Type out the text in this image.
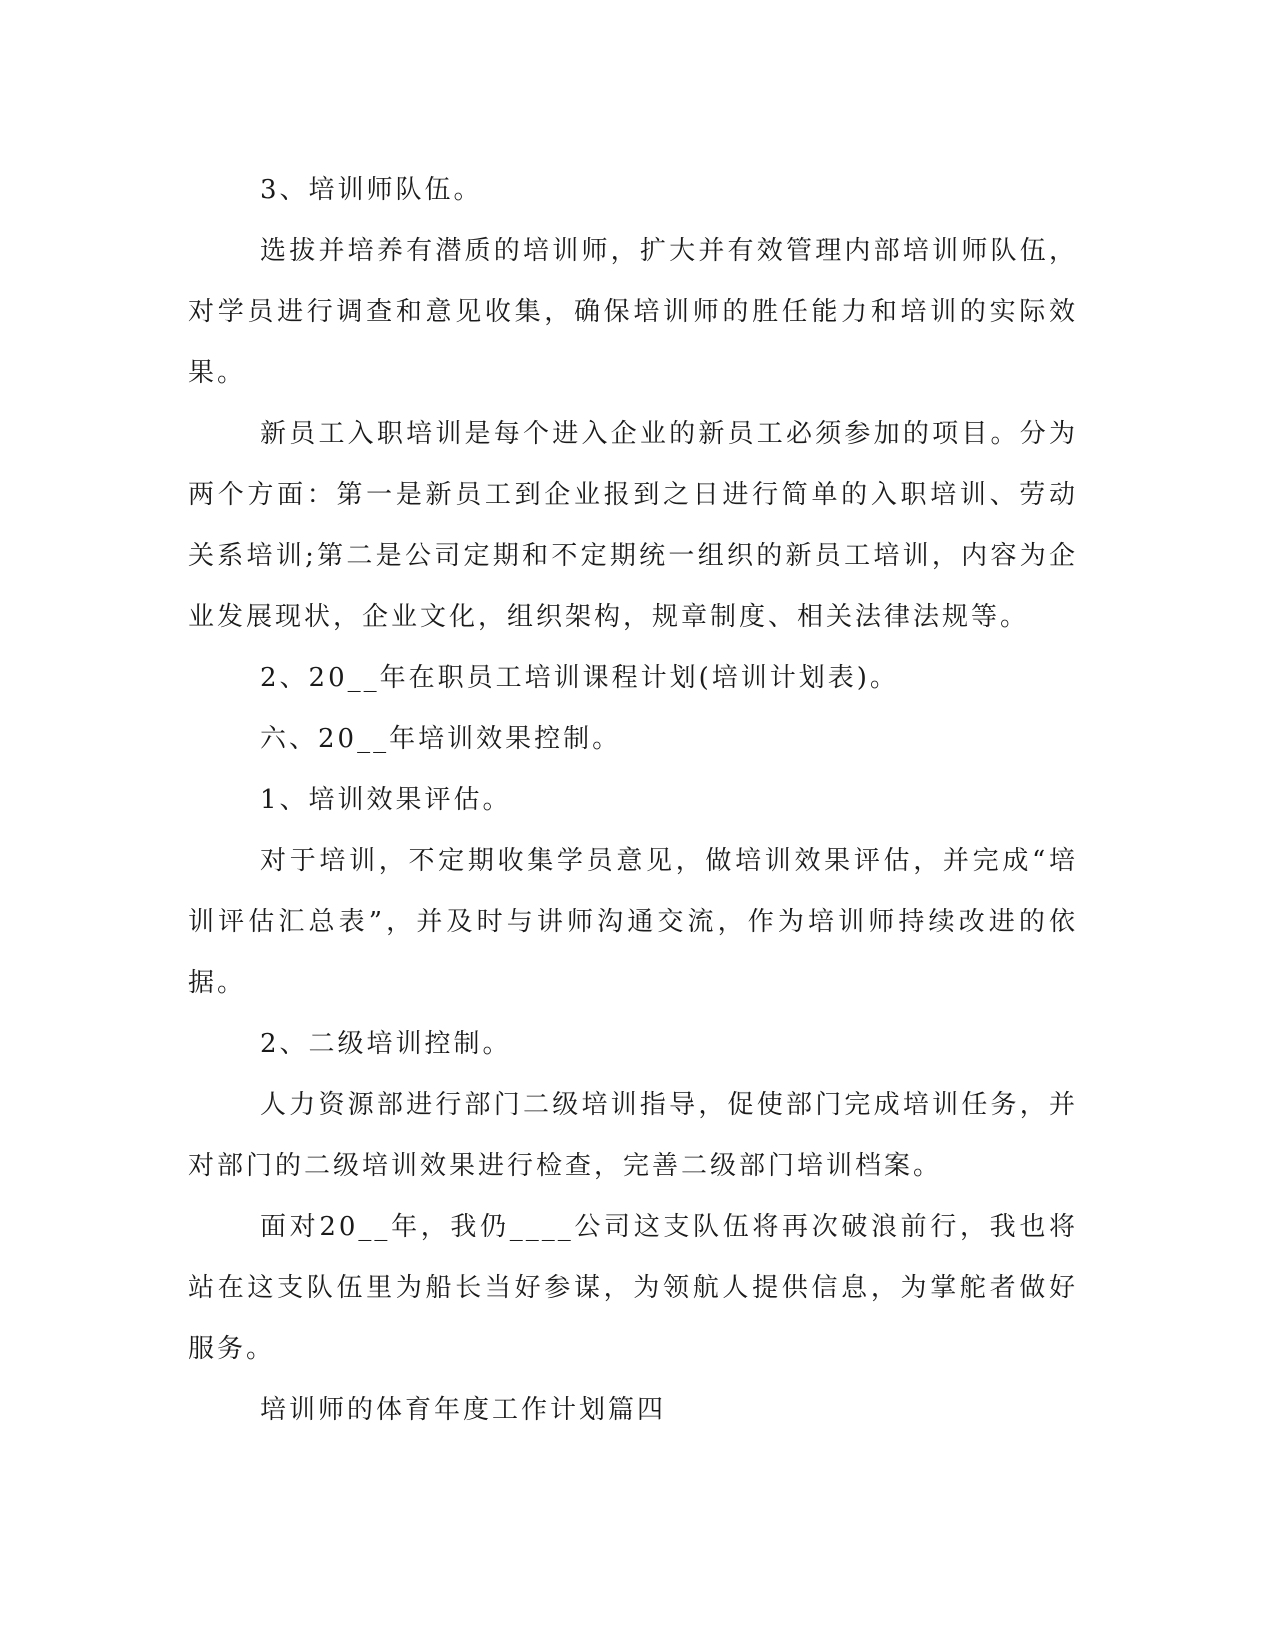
3、培训师队伍。

选拔并培养有潜质的培训师，扩大并有效管理内部培训师队伍，对学员进行调查和意见收集，确保培训师的胜任能力和培训的实际效果。

新员工入职培训是每个进入企业的新员工必须参加的项目。分为两个方面：第一是新员工到企业报到之日进行简单的入职培训、劳动关系培训;第二是公司定期和不定期统一组织的新员工培训，内容为企业发展现状，企业文化，组织架构，规章制度、相关法律法规等。

2、20__年在职员工培训课程计划(培训计划表)。

六、20__年培训效果控制。

1、培训效果评估。

对于培训，不定期收集学员意见，做培训效果评估，并完成“培训评估汇总表”，并及时与讲师沟通交流，作为培训师持续改进的依据。

2、二级培训控制。

人力资源部进行部门二级培训指导，促使部门完成培训任务，并对部门的二级培训效果进行检查，完善二级部门培训档案。

面对20__年，我仍____公司这支队伍将再次破浪前行，我也将站在这支队伍里为船长当好参谋，为领航人提供信息，为掌舵者做好服务。

培训师的体育年度工作计划篇四
